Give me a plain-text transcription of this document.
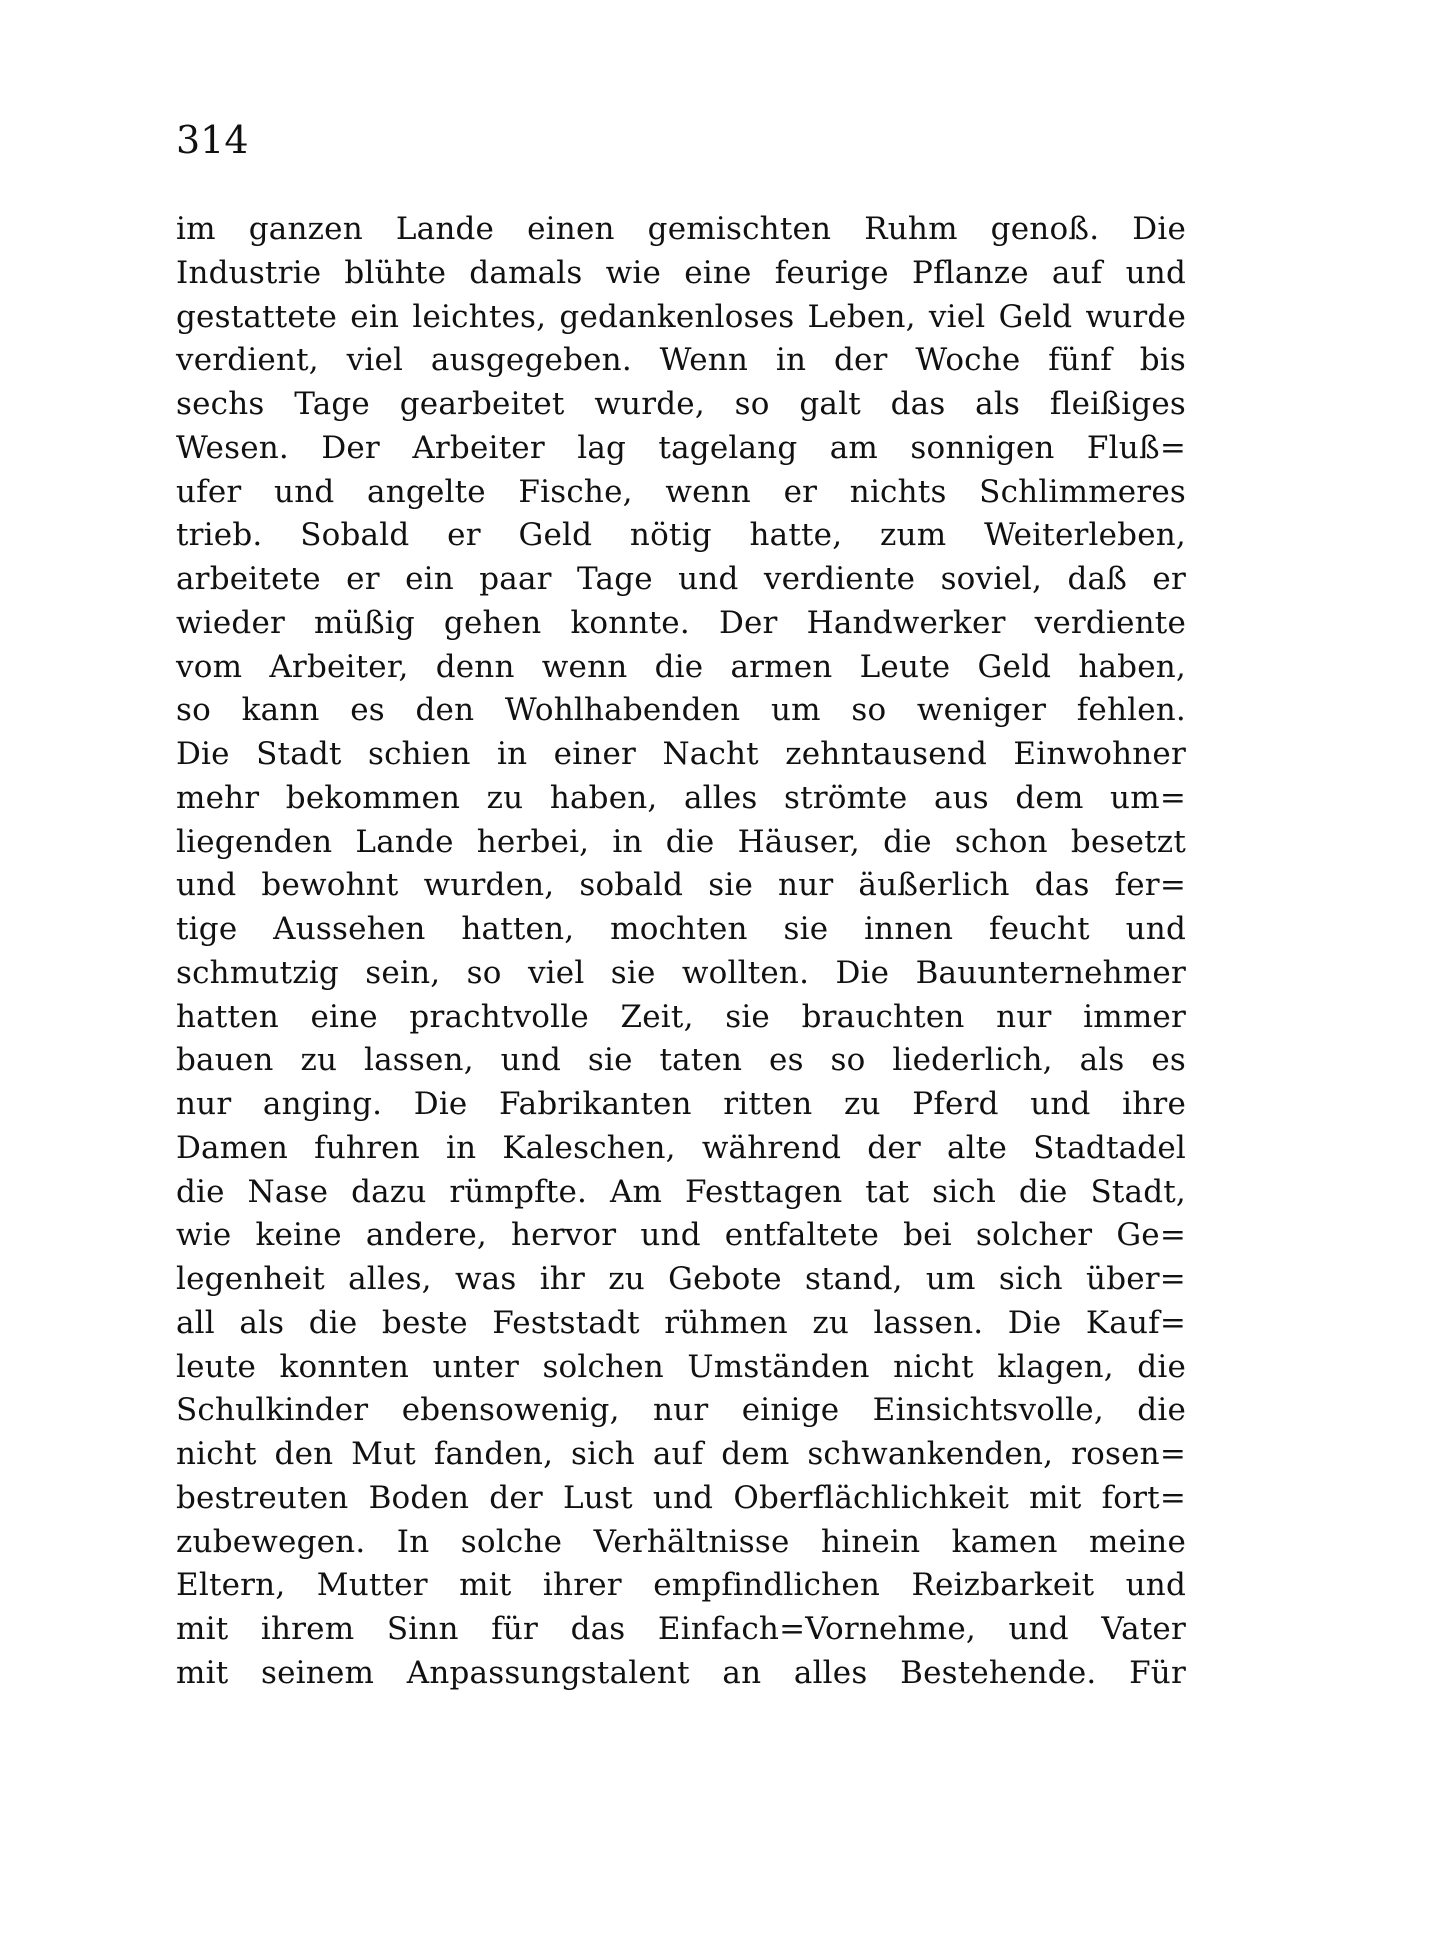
314
im ganzen Lande einen gemischten Ruhm genoß. Die
Industrie blühte damals wie eine feurige Pflanze auf und
gestattete ein leichtes, gedankenloses Leben, viel Geld wurde
verdient, viel ausgegeben. Wenn in der Woche fünf bis
sechs Tage gearbeitet wurde, so galt das als fleißiges
Wesen. Der Arbeiter lag tagelang am sonnigen Fluß=
ufer und angelte Fische, wenn er nichts Schlimmeres
trieb. Sobald er Geld nötig hatte, zum Weiterleben,
arbeitete er ein paar Tage und verdiente soviel, daß er
wieder müßig gehen konnte. Der Handwerker verdiente
vom Arbeiter, denn wenn die armen Leute Geld haben,
so kann es den Wohlhabenden um so weniger fehlen.
Die Stadt schien in einer Nacht zehntausend Einwohner
mehr bekommen zu haben, alles strömte aus dem um=
liegenden Lande herbei, in die Häuser, die schon besetzt
und bewohnt wurden, sobald sie nur äußerlich das fer=
tige Aussehen hatten, mochten sie innen feucht und
schmutzig sein, so viel sie wollten. Die Bauunternehmer
hatten eine prachtvolle Zeit, sie brauchten nur immer
bauen zu lassen, und sie taten es so liederlich, als es
nur anging. Die Fabrikanten ritten zu Pferd und ihre
Damen fuhren in Kaleschen, während der alte Stadtadel
die Nase dazu rümpfte. Am Festtagen tat sich die Stadt,
wie keine andere, hervor und entfaltete bei solcher Ge=
legenheit alles, was ihr zu Gebote stand, um sich über=
all als die beste Feststadt rühmen zu lassen. Die Kauf=
leute konnten unter solchen Umständen nicht klagen, die
Schulkinder ebensowenig, nur einige Einsichtsvolle, die
nicht den Mut fanden, sich auf dem schwankenden, rosen=
bestreuten Boden der Lust und Oberflächlichkeit mit fort=
zubewegen. In solche Verhältnisse hinein kamen meine
Eltern, Mutter mit ihrer empfindlichen Reizbarkeit und
mit ihrem Sinn für das Einfach=Vornehme, und Vater
mit seinem Anpassungstalent an alles Bestehende. Für
